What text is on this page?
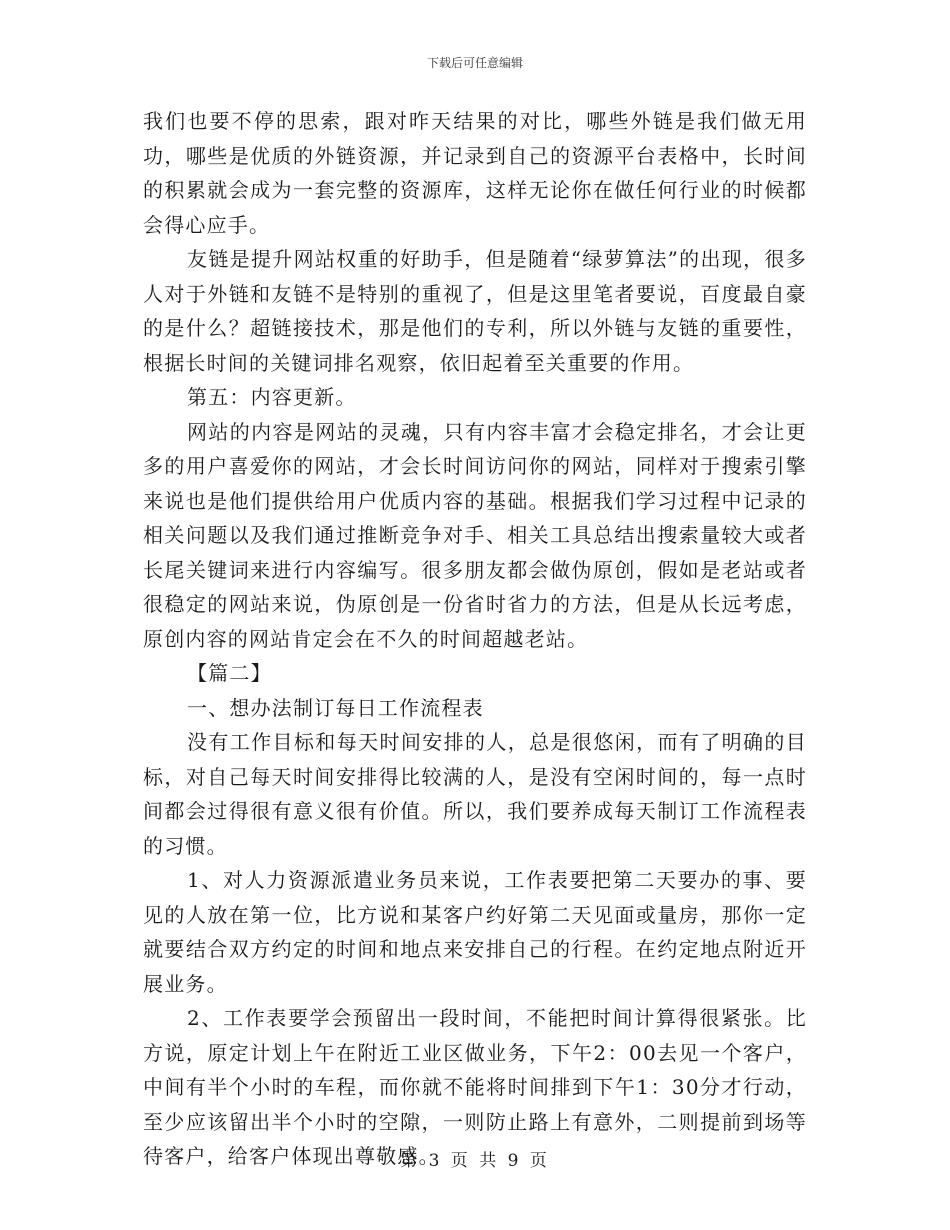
下载后可任意编辑

我们也要不停的思索，跟对昨天结果的对比，哪些外链是我们做无用功，哪些是优质的外链资源，并记录到自己的资源平台表格中，长时间的积累就会成为一套完整的资源库，这样无论你在做任何行业的时候都会得心应手。

友链是提升网站权重的好助手，但是随着“绿萝算法”的出现，很多人对于外链和友链不是特别的重视了，但是这里笔者要说，百度最自豪的是什么？超链接技术，那是他们的专利，所以外链与友链的重要性，根据长时间的关键词排名观察，依旧起着至关重要的作用。

第五：内容更新。

网站的内容是网站的灵魂，只有内容丰富才会稳定排名，才会让更多的用户喜爱你的网站，才会长时间访问你的网站，同样对于搜索引擎来说也是他们提供给用户优质内容的基础。根据我们学习过程中记录的相关问题以及我们通过推断竞争对手、相关工具总结出搜索量较大或者长尾关键词来进行内容编写。很多朋友都会做伪原创，假如是老站或者很稳定的网站来说，伪原创是一份省时省力的方法，但是从长远考虑，原创内容的网站肯定会在不久的时间超越老站。

【篇二】

一、想办法制订每日工作流程表

没有工作目标和每天时间安排的人，总是很悠闲，而有了明确的目标，对自己每天时间安排得比较满的人，是没有空闲时间的，每一点时间都会过得很有意义很有价值。所以，我们要养成每天制订工作流程表的习惯。

1、对人力资源派遣业务员来说，工作表要把第二天要办的事、要见的人放在第一位，比方说和某客户约好第二天见面或量房，那你一定就要结合双方约定的时间和地点来安排自己的行程。在约定地点附近开展业务。

2、工作表要学会预留出一段时间，不能把时间计算得很紧张。比方说，原定计划上午在附近工业区做业务，下午2：00去见一个客户，中间有半个小时的车程，而你就不能将时间排到下午1：30分才行动，至少应该留出半个小时的空隙，一则防止路上有意外，二则提前到场等待客户，给客户体现出尊敬感。

第 3 页 共 9 页
